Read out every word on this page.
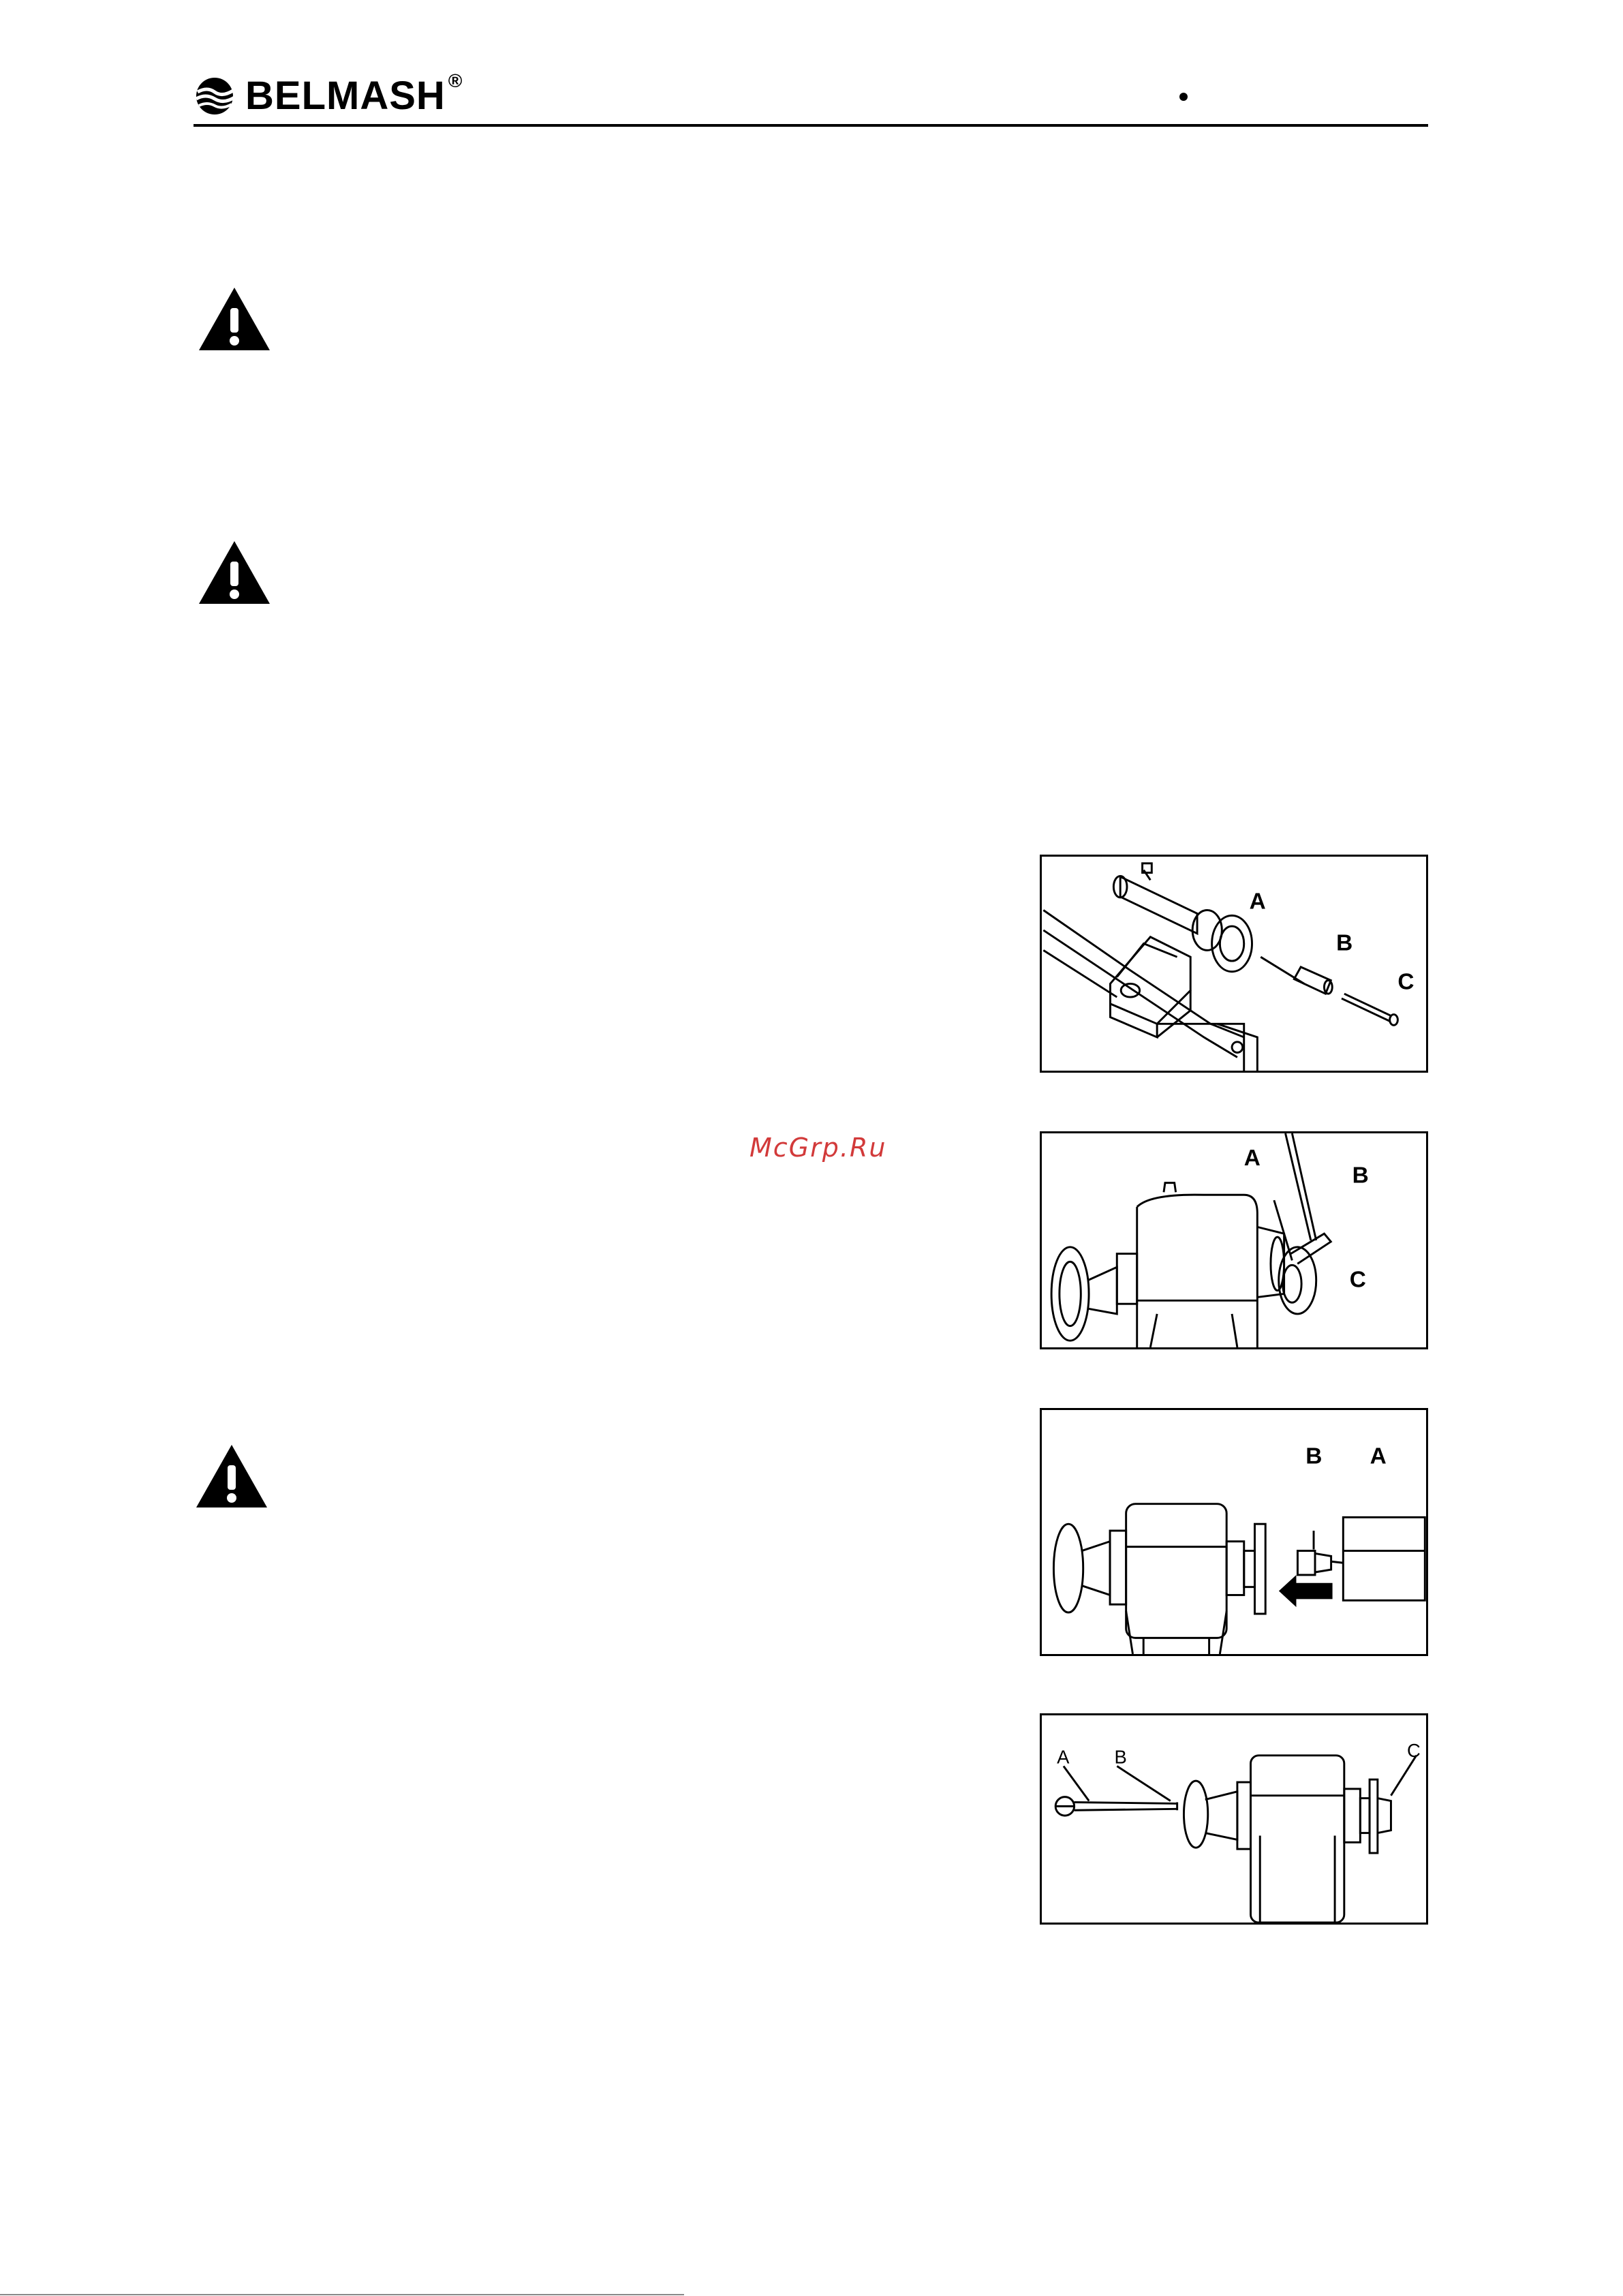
BELMASH ®
McGrp.Ru
A
B
C
A
B
C
B A
A B	C
